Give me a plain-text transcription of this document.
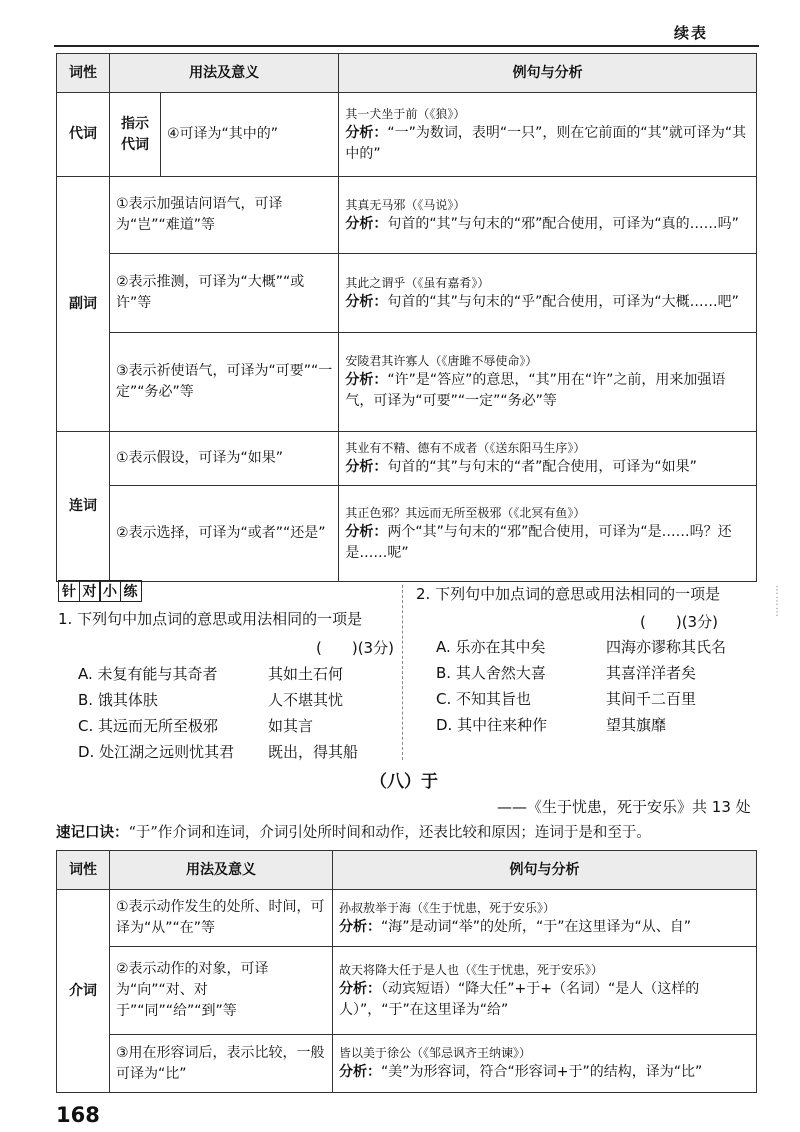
续表
词性	用法及意义		例句与分析
代词	指示代词	④可译为“其中的”	其一犬坐于前（《狼》）
分析：“一”为数词，表明“一只”，则在它前面的“其”就可译为“其中的”

副词	①表示加强诘问语气，可译为“岂”“难道”等		其真无马邪（《马说》）
分析：句首的“其”与句末的“邪”配合使用，可译为“真的……吗”

	②表示推测，可译为“大概”“或许”等		其此之谓乎（《虽有嘉肴》）
分析：句首的“其”与句末的“乎”配合使用，可译为“大概……吧”

	③表示祈使语气，可译为“可要”“一定”“务必”等		安陵君其许寡人（《唐雎不辱使命》）
分析：“许”是“答应”的意思，“其”用在“许”之前，用来加强语气，可译为“可要”“一定”“务必”等

连词	①表示假设，可译为“如果”		其业有不精、德有不成者（《送东阳马生序》）
分析：句首的“其”与句末的“者”配合使用，可译为“如果”

	②表示选择，可译为“或者”“还是”		其正色邪？其远而无所至极邪（《北冥有鱼》）
分析：两个“其”与句末的“邪”配合使用，可译为“是……吗？还是……呢”
针 对 小 练
1. 下列句中加点词的意思或用法相同的一项是
(　　)(3分)
A. 未复有能与其奇者	其如土石何
B. 饿其体肤	人不堪其忧
C. 其远而无所至极邪	如其言
D. 处江湖之远则忧其君	既出，得其船
2. 下列句中加点词的意思或用法相同的一项是
(　　)(3分)
A. 乐亦在其中矣	四海亦谬称其氏名
B. 其人舍然大喜	其喜洋洋者矣
C. 不知其旨也	其间千二百里
D. 其中往来种作	望其旗靡
⋮
⋮
⋮
（八）于
——《生于忧患，死于安乐》共 13 处
速记口诀：“于”作介词和连词，介词引处所时间和动作，还表比较和原因；连词于是和至于。
词性	用法及意义	例句与分析
介词	①表示动作发生的处所、时间，可译为“从”“在”等	孙叔敖举于海（《生于忧患，死于安乐》）
分析：“海”是动词“举”的处所，“于”在这里译为“从、自”

	②表示动作的对象，可译为“向”“对、对于”“同”“给”“到”等	故天将降大任于是人也（《生于忧患，死于安乐》）
分析：（动宾短语）“降大任”+于+（名词）“是人（这样的人）”，“于”在这里译为“给”

	③用在形容词后，表示比较，一般可译为“比”	皆以美于徐公（《邹忌讽齐王纳谏》）
分析：“美”为形容词，符合“形容词+于”的结构，译为“比”
168
